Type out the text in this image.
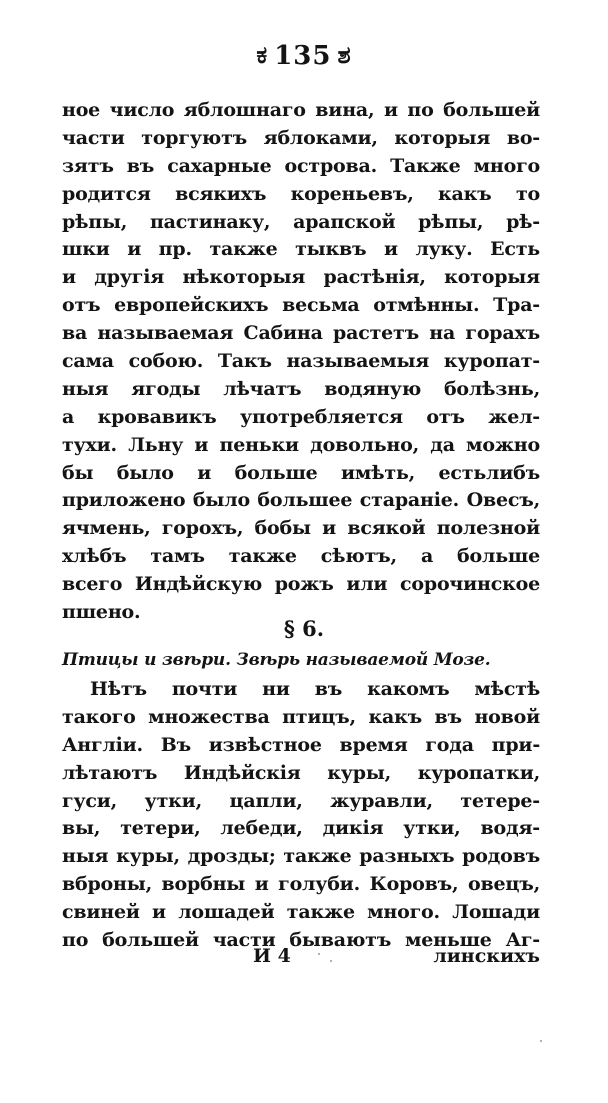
ಕ 135 ಶ
ное число яблошнаго вина, и по большей
части торгуютъ яблоками, которыя во-
зятъ въ сахарные острова. Также много
родится всякихъ кореньевъ, какъ то
рѣпы, пастинаку, арапской рѣпы, рѣ-
шки и пр. также тыквъ и луку. Есть
и другія нѣкоторыя растѣнія, которыя
отъ европейскихъ весьма отмѣнны. Тра-
ва называемая Сабина растетъ на горахъ
сама собою. Такъ называемыя куропат-
ныя ягоды лѣчатъ водяную болѣзнь,
а кровавикъ употребляется отъ жел-
тухи. Льну и пеньки довольно, да можно
бы было и больше имѣть, естьлибъ
приложено было большее стараніе. Овесъ,
ячмень, горохъ, бобы и всякой полезной
хлѣбъ тамъ также сѣютъ, а больше
всего Индѣйскую рожъ или сорочинское
пшено.
§ 6.
Птицы и звѣри. Звѣрь называемой Мозе.
Нѣтъ почти ни въ какомъ мѣстѣ
такого множества птицъ, какъ въ новой
Англіи. Въ извѣстное время года при-
лѣтаютъ Индѣйскія куры, куропатки,
гуси, утки, цапли, журавли, тетере-
вы, тетери, лебеди, дикія утки, водя-
ныя куры, дрозды; также разныхъ родовъ
вброны, ворбны и голуби. Коровъ, овецъ,
свиней и лошадей также много. Лошади
по большей части бываютъ меньше Аг-
И 4	линскихъ
